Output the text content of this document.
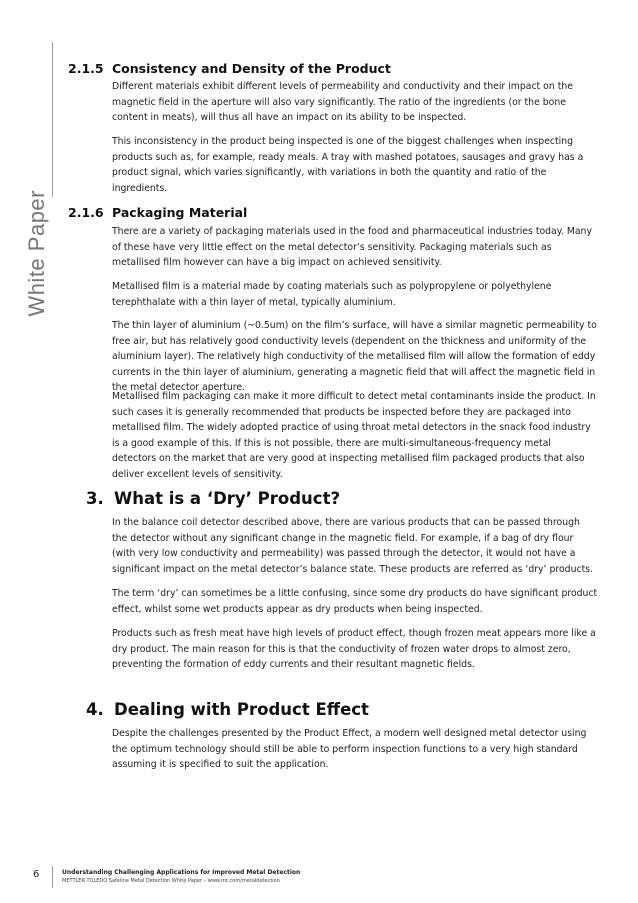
White Paper
2.1.5 Consistency and Density of the Product

Different materials exhibit different levels of permeability and conductivity and their impact on the magnetic field in the aperture will also vary significantly. The ratio of the ingredients (or the bone content in meats), will thus all have an impact on its ability to be inspected.

This inconsistency in the product being inspected is one of the biggest challenges when inspecting products such as, for example, ready meals. A tray with mashed potatoes, sausages and gravy has a product signal, which varies significantly, with variations in both the quantity and ratio of the ingredients.

2.1.6 Packaging Material

There are a variety of packaging materials used in the food and pharmaceutical industries today. Many of these have very little effect on the metal detector’s sensitivity. Packaging materials such as metallised film however can have a big impact on achieved sensitivity.

Metallised film is a material made by coating materials such as polypropylene or polyethylene terephthalate with a thin layer of metal, typically aluminium.

The thin layer of aluminium (~0.5um) on the film’s surface, will have a similar magnetic permeability to free air, but has relatively good conductivity levels (dependent on the thickness and uniformity of the aluminium layer). The relatively high conductivity of the metallised film will allow the formation of eddy currents in the thin layer of aluminium, generating a magnetic field that will affect the magnetic field in the metal detector aperture.

Metallised film packaging can make it more difficult to detect metal contaminants inside the product. In such cases it is generally recommended that products be inspected before they are packaged into metallised film. The widely adopted practice of using throat metal detectors in the snack food industry is a good example of this. If this is not possible, there are multi-simultaneous-frequency metal detectors on the market that are very good at inspecting metallised film packaged products that also deliver excellent levels of sensitivity.

3. What is a ‘Dry’ Product?

In the balance coil detector described above, there are various products that can be passed through the detector without any significant change in the magnetic field. For example, if a bag of dry flour (with very low conductivity and permeability) was passed through the detector, it would not have a significant impact on the metal detector’s balance state. These products are referred as ‘dry’ products.

The term ‘dry’ can sometimes be a little confusing, since some dry products do have significant product effect, whilst some wet products appear as dry products when being inspected.

Products such as fresh meat have high levels of product effect, though frozen meat appears more like a dry product. The main reason for this is that the conductivity of frozen water drops to almost zero, preventing the formation of eddy currents and their resultant magnetic fields.

4. Dealing with Product Effect

Despite the challenges presented by the Product Effect, a modern well designed metal detector using the optimum technology should still be able to perform inspection functions to a very high standard assuming it is specified to suit the application.

6	Understanding Challenging Applications for Improved Metal Detection
METTLER TOLEDO Safeline Metal Detection White Paper – www.mt.com/metaldetection
